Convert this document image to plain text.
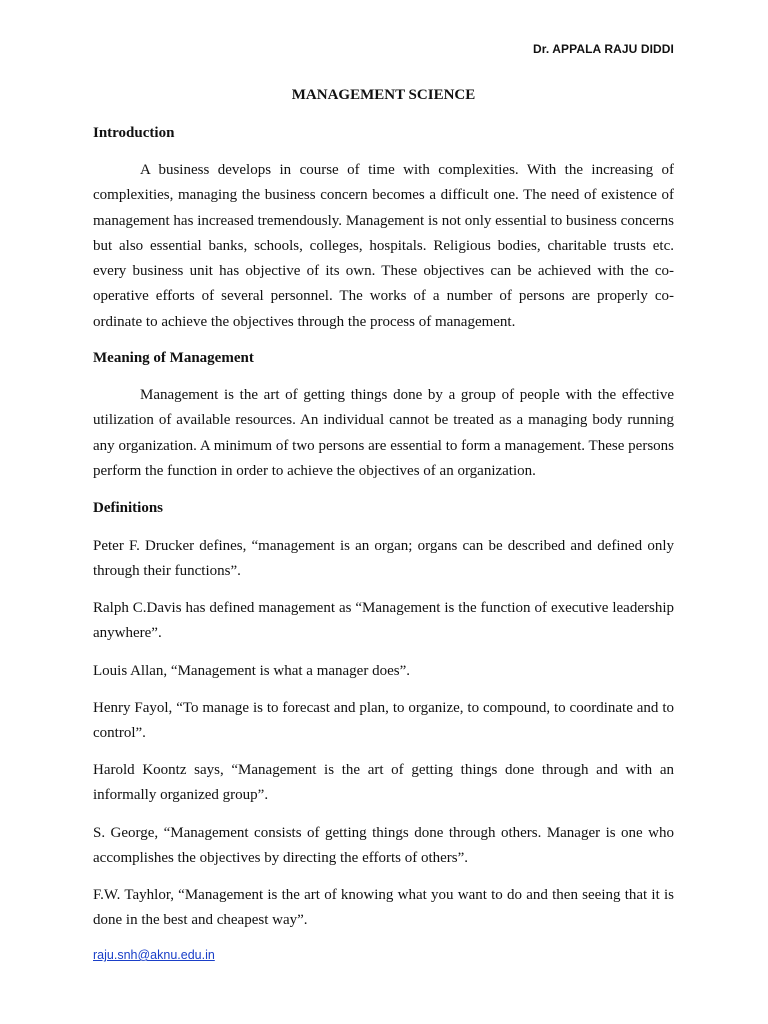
Dr. APPALA RAJU DIDDI
MANAGEMENT SCIENCE
Introduction
A business develops in course of time with complexities. With the increasing of complexities, managing the business concern becomes a difficult one. The need of existence of management has increased tremendously. Management is not only essential to business concerns but also essential banks, schools, colleges, hospitals. Religious bodies, charitable trusts etc. every business unit has objective of its own. These objectives can be achieved with the co-operative efforts of several personnel. The works of a number of persons are properly co-ordinate to achieve the objectives through the process of management.
Meaning of Management
Management is the art of getting things done by a group of people with the effective utilization of available resources. An individual cannot be treated as a managing body running any organization. A minimum of two persons are essential to form a management. These persons perform the function in order to achieve the objectives of an organization.
Definitions
Peter F. Drucker defines, “management is an organ; organs can be described and defined only through their functions”.
Ralph C.Davis has defined management as “Management is the function of executive leadership anywhere”.
Louis Allan, “Management is what a manager does”.
Henry Fayol, “To manage is to forecast and plan, to organize, to compound, to coordinate and to control”.
Harold Koontz says, “Management is the art of getting things done through and with an informally organized group”.
S. George, “Management consists of getting things done through others. Manager is one who accomplishes the objectives by directing the efforts of others”.
F.W. Tayhlor, “Management is the art of knowing what you want to do and then seeing that it is done in the best and cheapest way”.
raju.snh@aknu.edu.in
